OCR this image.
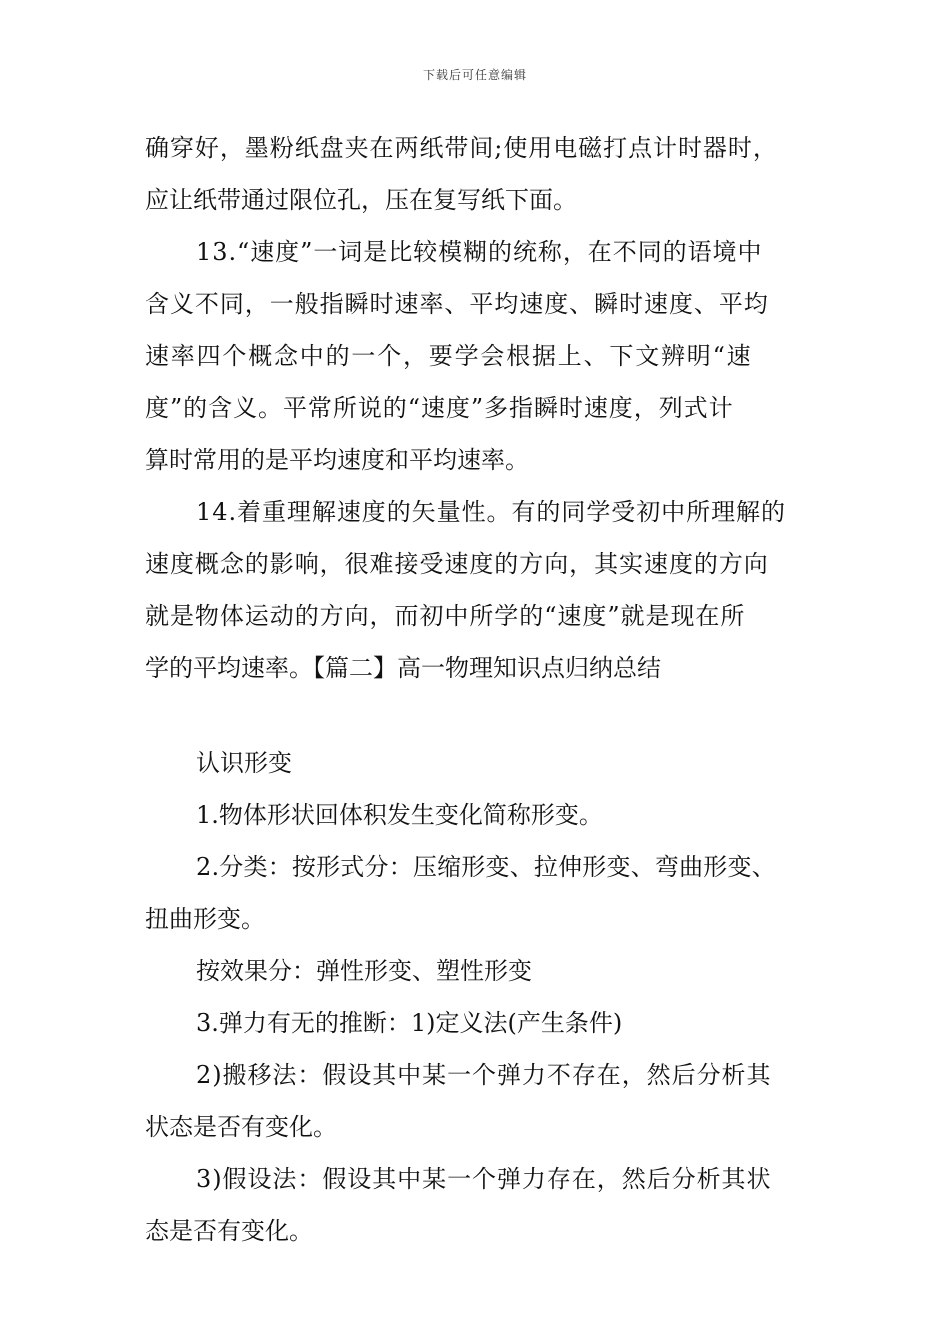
下载后可任意编辑
确穿好，墨粉纸盘夹在两纸带间;使用电磁打点计时器时，
应让纸带通过限位孔，压在复写纸下面。
13.“速度”一词是比较模糊的统称，在不同的语境中
含义不同，一般指瞬时速率、平均速度、瞬时速度、平均
速率四个概念中的一个，要学会根据上、下文辨明“速
度”的含义。平常所说的“速度”多指瞬时速度，列式计
算时常用的是平均速度和平均速率。
14.着重理解速度的矢量性。有的同学受初中所理解的
速度概念的影响，很难接受速度的方向，其实速度的方向
就是物体运动的方向，而初中所学的“速度”就是现在所
学的平均速率。【篇二】高一物理知识点归纳总结
认识形变
1.物体形状回体积发生变化简称形变。
2.分类：按形式分：压缩形变、拉伸形变、弯曲形变、
扭曲形变。
按效果分：弹性形变、塑性形变
3.弹力有无的推断：1)定义法(产生条件)
2)搬移法：假设其中某一个弹力不存在，然后分析其
状态是否有变化。
3)假设法：假设其中某一个弹力存在，然后分析其状
态是否有变化。
